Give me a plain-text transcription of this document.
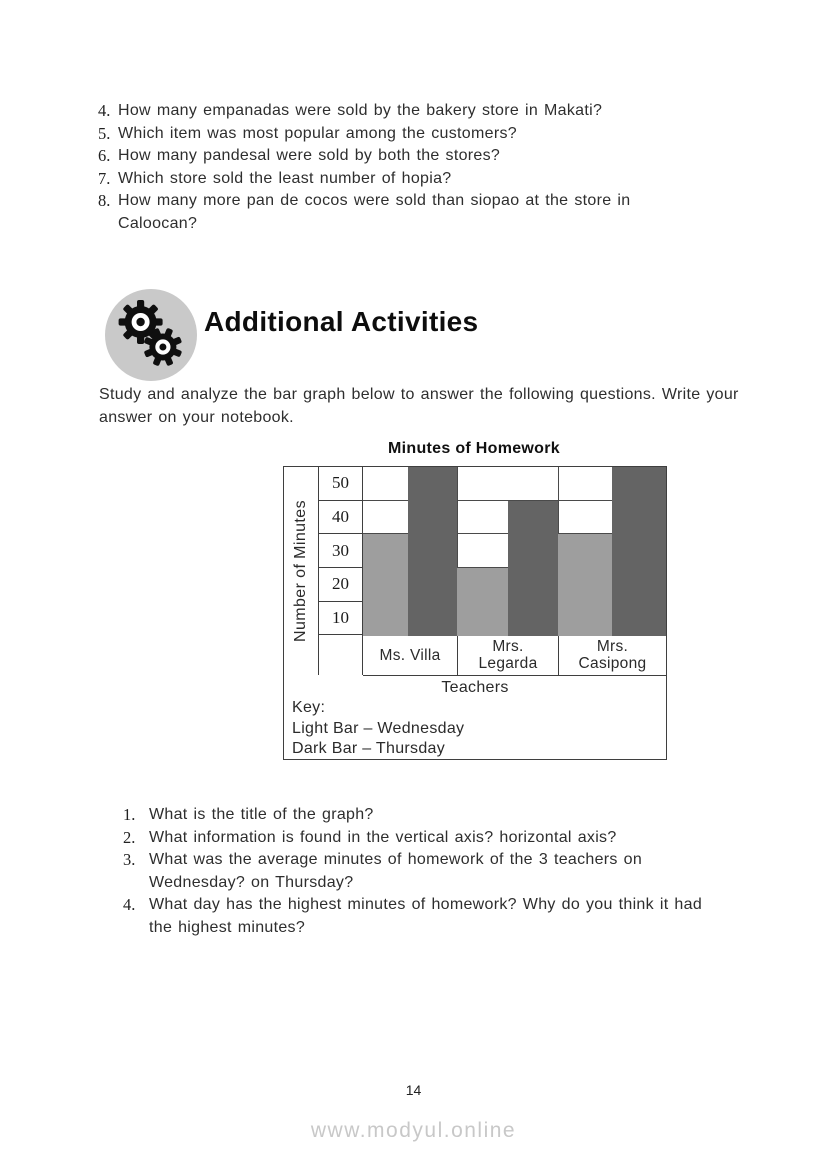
4. How many empanadas were sold by the bakery store in Makati?
5. Which item was most popular among the customers?
6. How many pandesal were sold by both the stores?
7. Which store sold the least number of hopia?
8. How many more pan de cocos were sold than siopao at the store in Caloocan?
Additional Activities
Study and analyze the bar graph below to answer the following questions. Write your answer on your notebook.
Minutes of Homework
Number of Minutes
50
40
30
20
10
Ms. Villa	Mrs. Legarda
Mrs. Casipong
Teachers
Key:
Light Bar – Wednesday
Dark Bar – Thursday
1. What is the title of the graph?
2. What information is found in the vertical axis? horizontal axis?
3. What was the average minutes of homework of the 3 teachers on Wednesday? on Thursday?
4. What day has the highest minutes of homework? Why do you think it had the highest minutes?
14
www.modyul.online
